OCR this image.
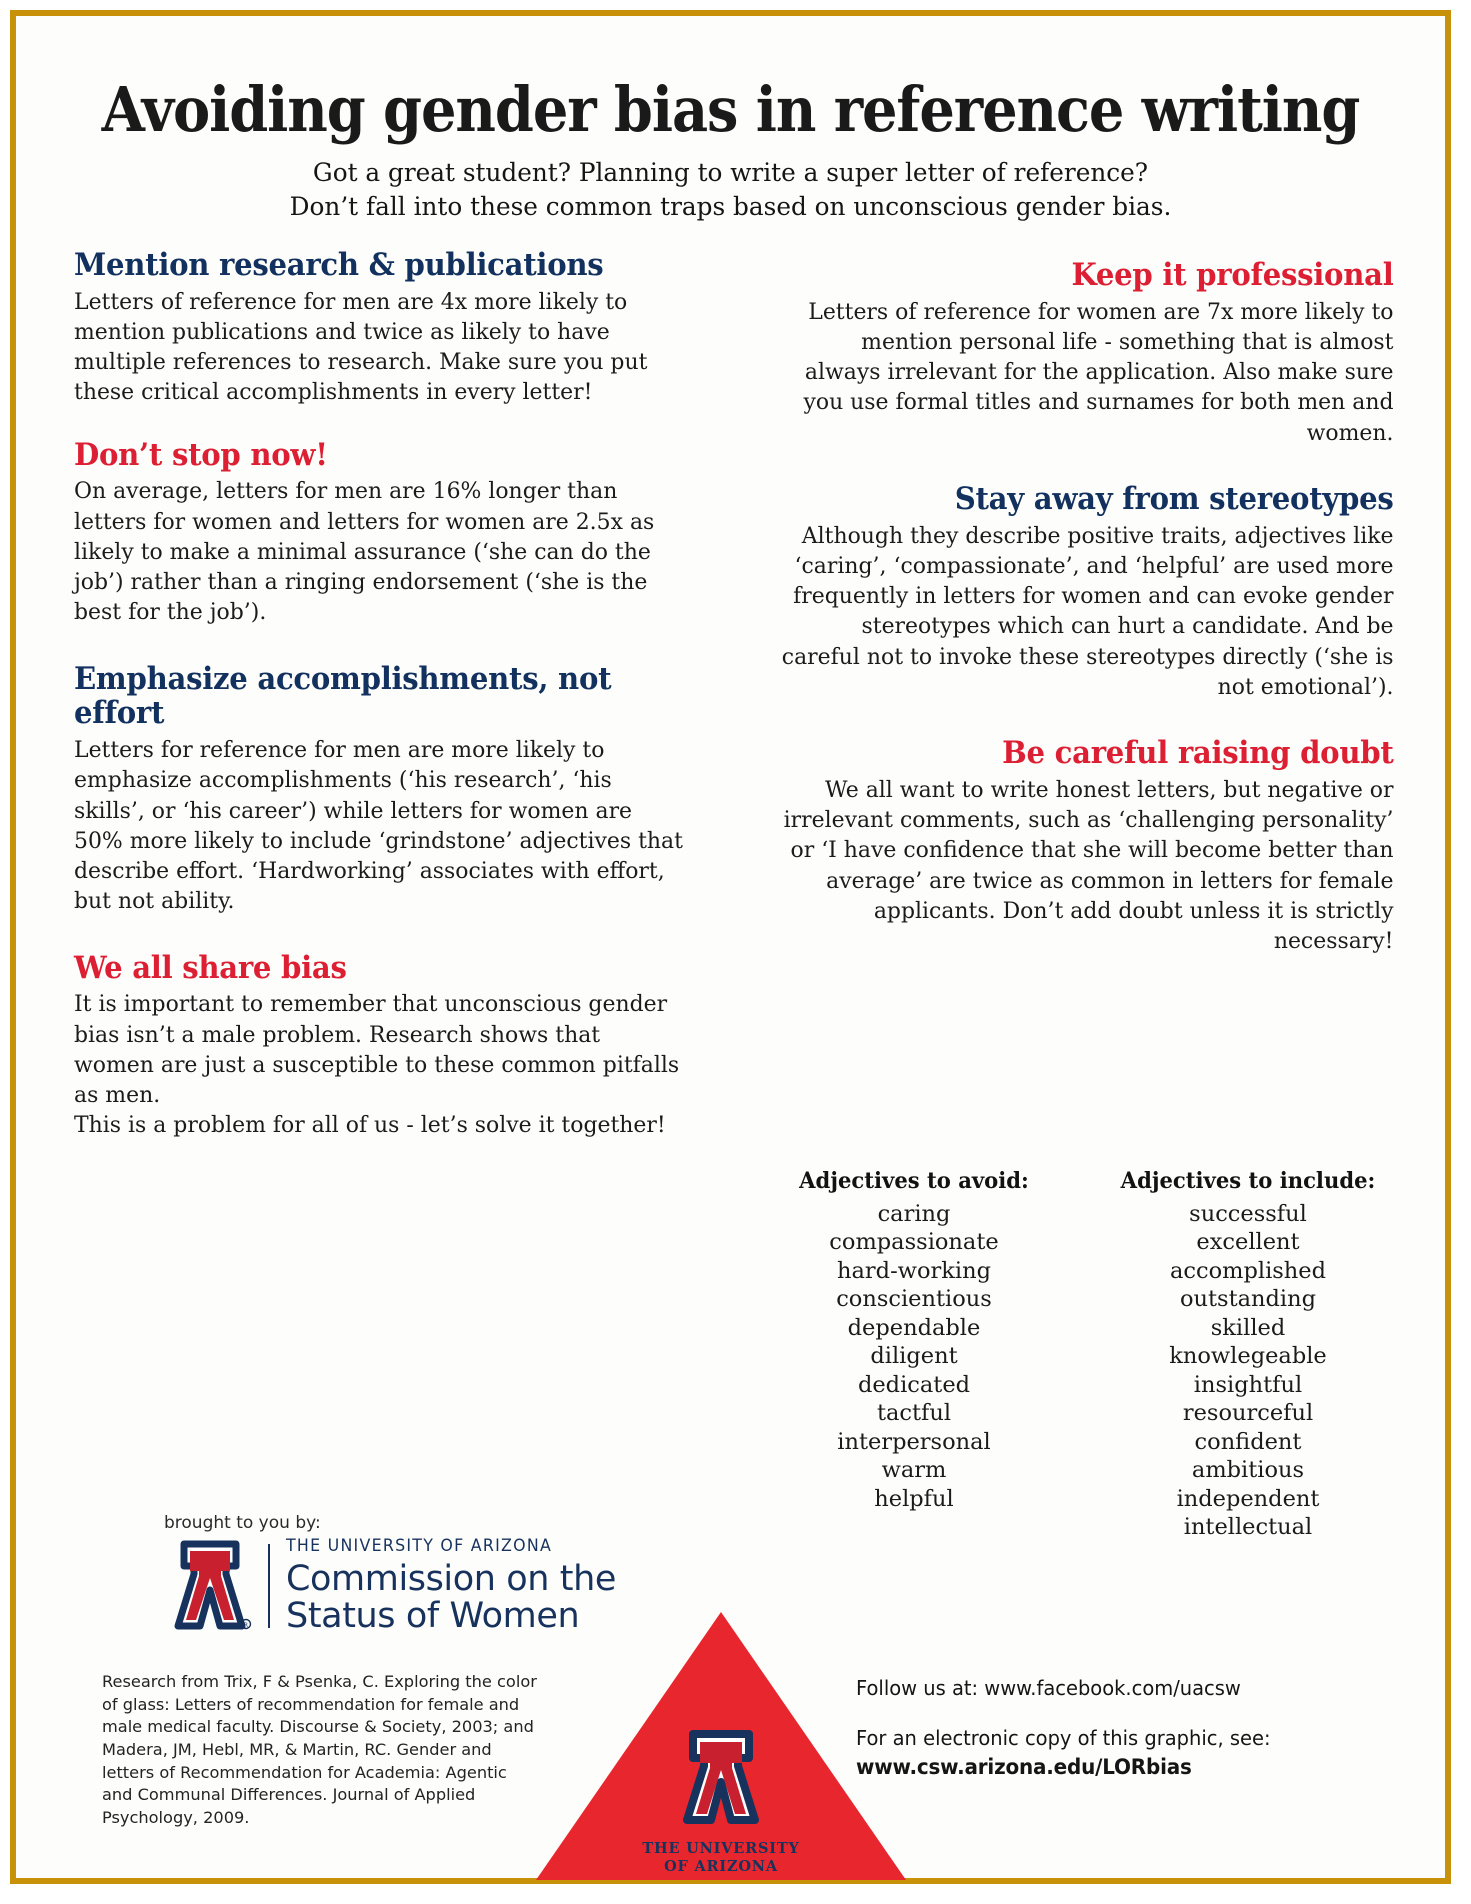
Avoiding gender bias in reference writing
Got a great student? Planning to write a super letter of reference?
Don’t fall into these common traps based on unconscious gender bias.
Mention research & publications
Letters of reference for men are 4x more likely to mention publications and twice as likely to have multiple references to research. Make sure you put these critical accomplishments in every letter!
Don’t stop now!
On average, letters for men are 16% longer than letters for women and letters for women are 2.5x as likely to make a minimal assurance (‘she can do the job’) rather than a ringing endorsement (‘she is the best for the job’).
Emphasize accomplishments, not effort
Letters for reference for men are more likely to emphasize accomplishments (‘his research’, ‘his skills’, or ‘his career’) while letters for women are 50% more likely to include ‘grindstone’ adjectives that describe effort. ‘Hardworking’ associates with effort, but not ability.
We all share bias

It is important to remember that unconscious gender bias isn’t a male problem. Research shows that women are just a susceptible to these common pitfalls as men.

This is a problem for all of us - let’s solve it together!

Keep it professional
Letters of reference for women are 7x more likely to mention personal life - something that is almost always irrelevant for the application. Also make sure you use formal titles and surnames for both men and women.
Stay away from stereotypes
Although they describe positive traits, adjectives like ‘caring’, ‘compassionate’, and ‘helpful’ are used more frequently in letters for women and can evoke gender stereotypes which can hurt a candidate. And be careful not to invoke these stereotypes directly (‘she is not emotional’).
Be careful raising doubt
We all want to write honest letters, but negative or irrelevant comments, such as ‘challenging personality’ or ‘I have confidence that she will become better than average’ are twice as common in letters for female applicants. Don’t add doubt unless it is strictly necessary!
Adjectives to avoid:
caring
compassionate
hard-working
conscientious
dependable
diligent
dedicated
tactful
interpersonal
warm
helpful
Adjectives to include:
successful
excellent
accomplished
outstanding
skilled
knowlegeable
insightful
resourceful
confident
ambitious
independent
intellectual
brought to you by:
R
THE UNIVERSITY OF ARIZONA
Commission on the
Status of Women
Research from Trix, F & Psenka, C. Exploring the color of glass: Letters of recommendation for female and male medical faculty. Discourse & Society, 2003; and Madera, JM, Hebl, MR, & Martin, RC. Gender and letters of Recommendation for Academia: Agentic and Communal Differences. Journal of Applied Psychology, 2009.
THE UNIVERSITY
OF ARIZONA
Follow us at: www.facebook.com/uacsw
For an electronic copy of this graphic, see:
www.csw.arizona.edu/LORbias
